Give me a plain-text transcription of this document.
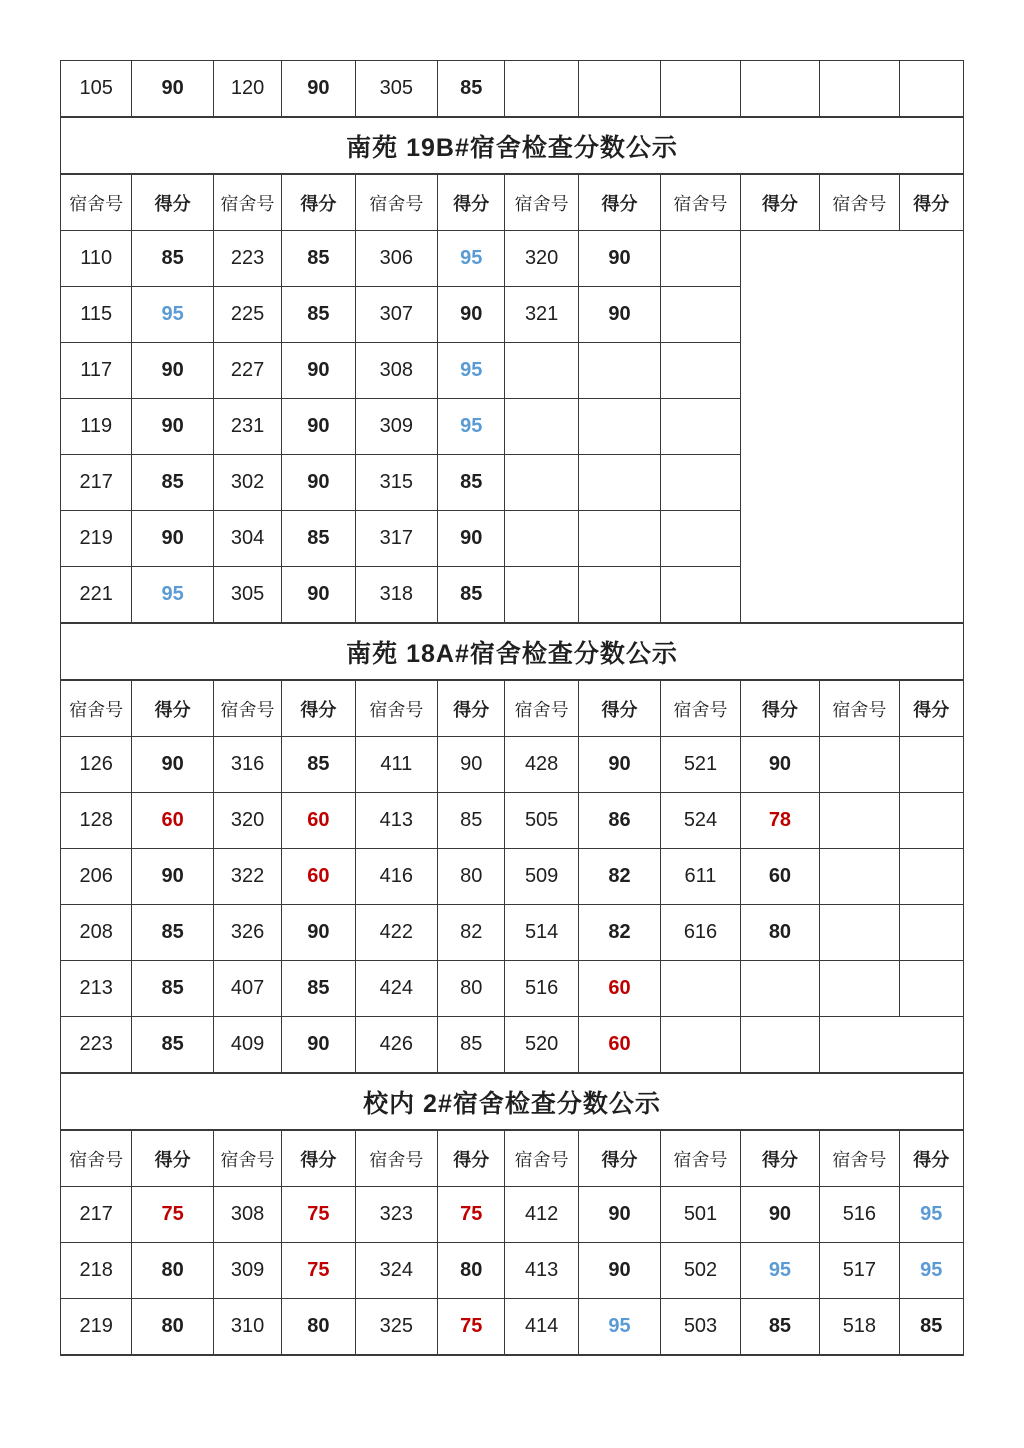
105	90	120	90	305	85						
南苑 19B#宿舍检查分数公示											
宿舍号	得分	宿舍号	得分	宿舍号	得分	宿舍号	得分	宿舍号	得分	宿舍号	得分
110	85	223	85	306	95	320	90				
115	95	225	85	307	90	321	90				
117	90	227	90	308	95						
119	90	231	90	309	95						
217	85	302	90	315	85						
219	90	304	85	317	90						
221	95	305	90	318	85						
南苑 18A#宿舍检查分数公示											
宿舍号	得分	宿舍号	得分	宿舍号	得分	宿舍号	得分	宿舍号	得分	宿舍号	得分
126	90	316	85	411	90	428	90	521	90		
128	60	320	60	413	85	505	86	524	78		
206	90	322	60	416	80	509	82	611	60		
208	85	326	90	422	82	514	82	616	80		
213	85	407	85	424	80	516	60				
223	85	409	90	426	85	520	60				
校内 2#宿舍检查分数公示											
宿舍号	得分	宿舍号	得分	宿舍号	得分	宿舍号	得分	宿舍号	得分	宿舍号	得分
217	75	308	75	323	75	412	90	501	90	516	95
218	80	309	75	324	80	413	90	502	95	517	95
219	80	310	80	325	75	414	95	503	85	518	85
